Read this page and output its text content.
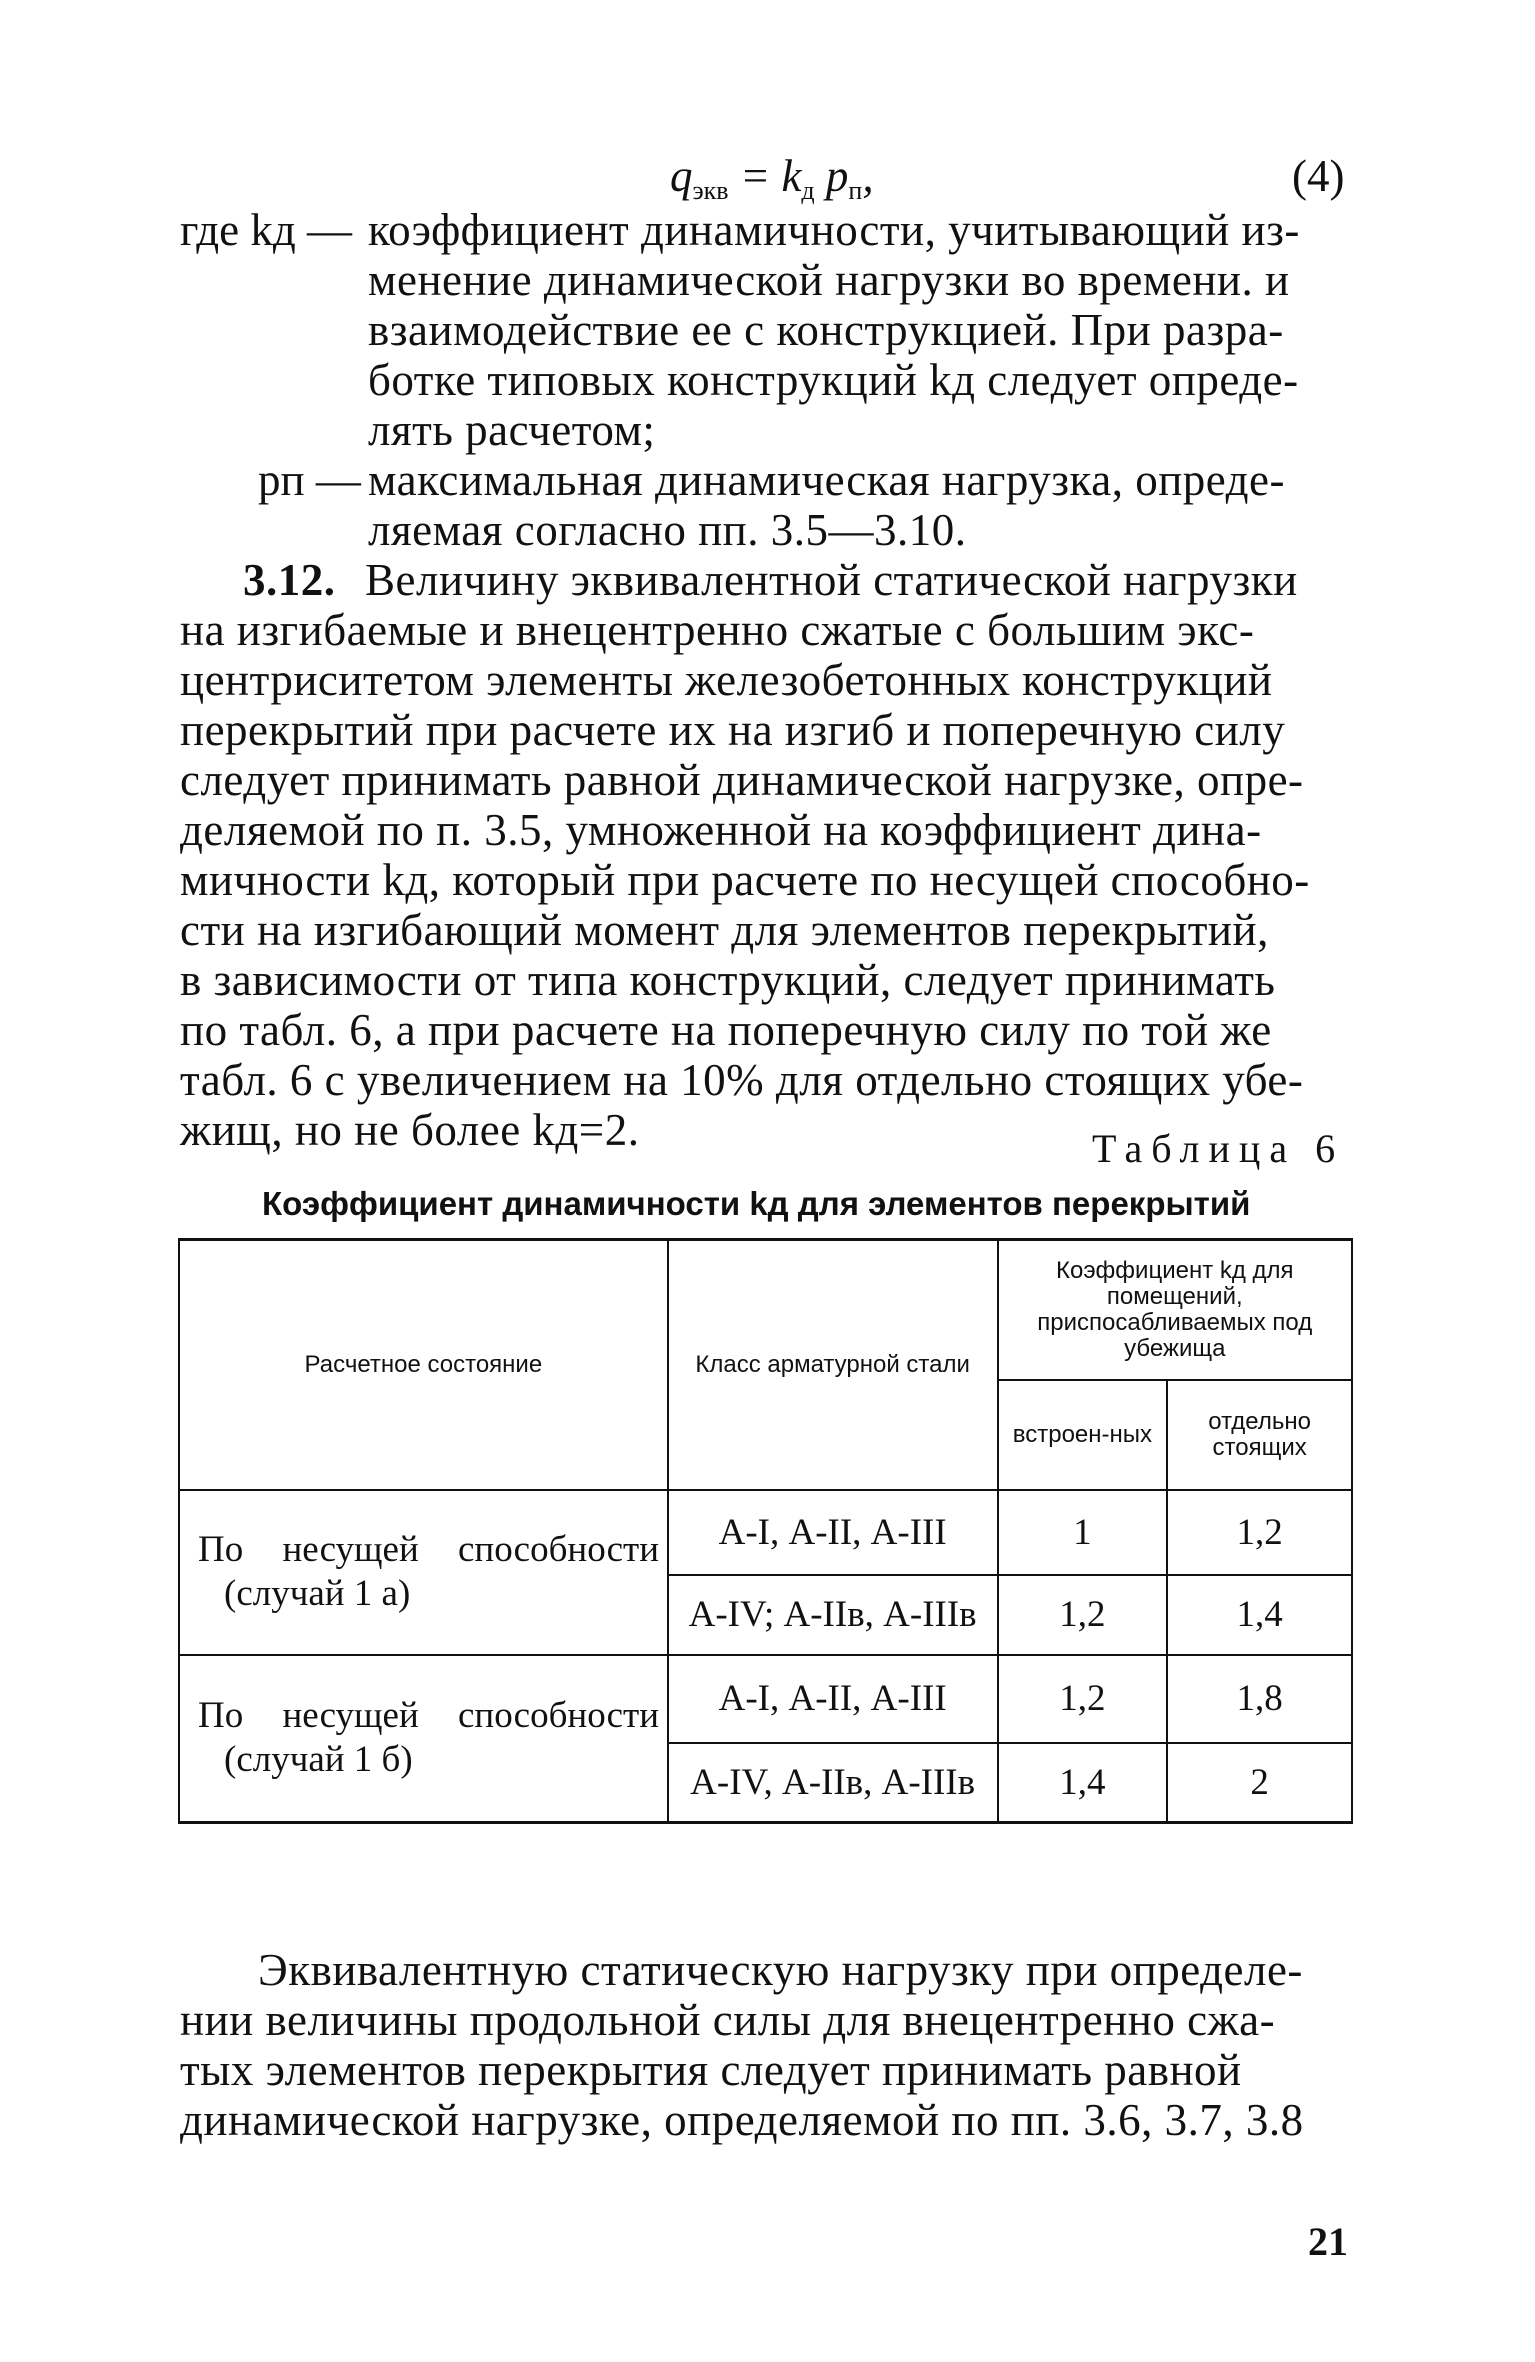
$q_{экв} = k_д$ $p_п$,	(4)
где kд — коэффициент динамичности, учитывающий из-
менение динамической нагрузки во времени. и
взаимодействие ее с конструкцией. При разра-
ботке типовых конструкций kд следует опреде-
лять расчетом;
pп — максимальная динамическая нагрузка, опреде-
ляемая согласно пп. 3.5—3.10.
3.12. Величину эквивалентной статической нагрузки
на изгибаемые и внецентренно сжатые с большим экс-
центриситетом элементы железобетонных конструкций
перекрытий при расчете их на изгиб и поперечную силу
следует принимать равной динамической нагрузке, опре-
деляемой по п. 3.5, умноженной на коэффициент дина-
мичности kд, который при расчете по несущей способно-
сти на изгибающий момент для элементов перекрытий,
в зависимости от типа конструкций, следует принимать
по табл. 6, а при расчете на поперечную силу по той же
табл. 6 с увеличением на 10% для отдельно стоящих убе-
жищ, но не более kд=2.	Таблица 6
Коэффициент динамичности kд для элементов перекрытий
Расчетное состояние	Класс арматурной стали	Коэффициент kд для помещений, приспосабливаемых под убежища	
		встроен-ных	отдельно стоящих

По несущей способности
(случай 1 а)	А-I, А-II, А-III	1	1,2
	А-IV; А-IIв, А-IIIв	1,2	1,4

По несущей способности
(случай 1 б)	А-I, А-II, А-III	1,2	1,8
	А-IV, А-IIв, А-IIIв	1,4	2
Эквивалентную статическую нагрузку при определе-
нии величины продольной силы для внецентренно сжа-
тых элементов перекрытия следует принимать равной
динамической нагрузке, определяемой по пп. 3.6, 3.7, 3.8
21
